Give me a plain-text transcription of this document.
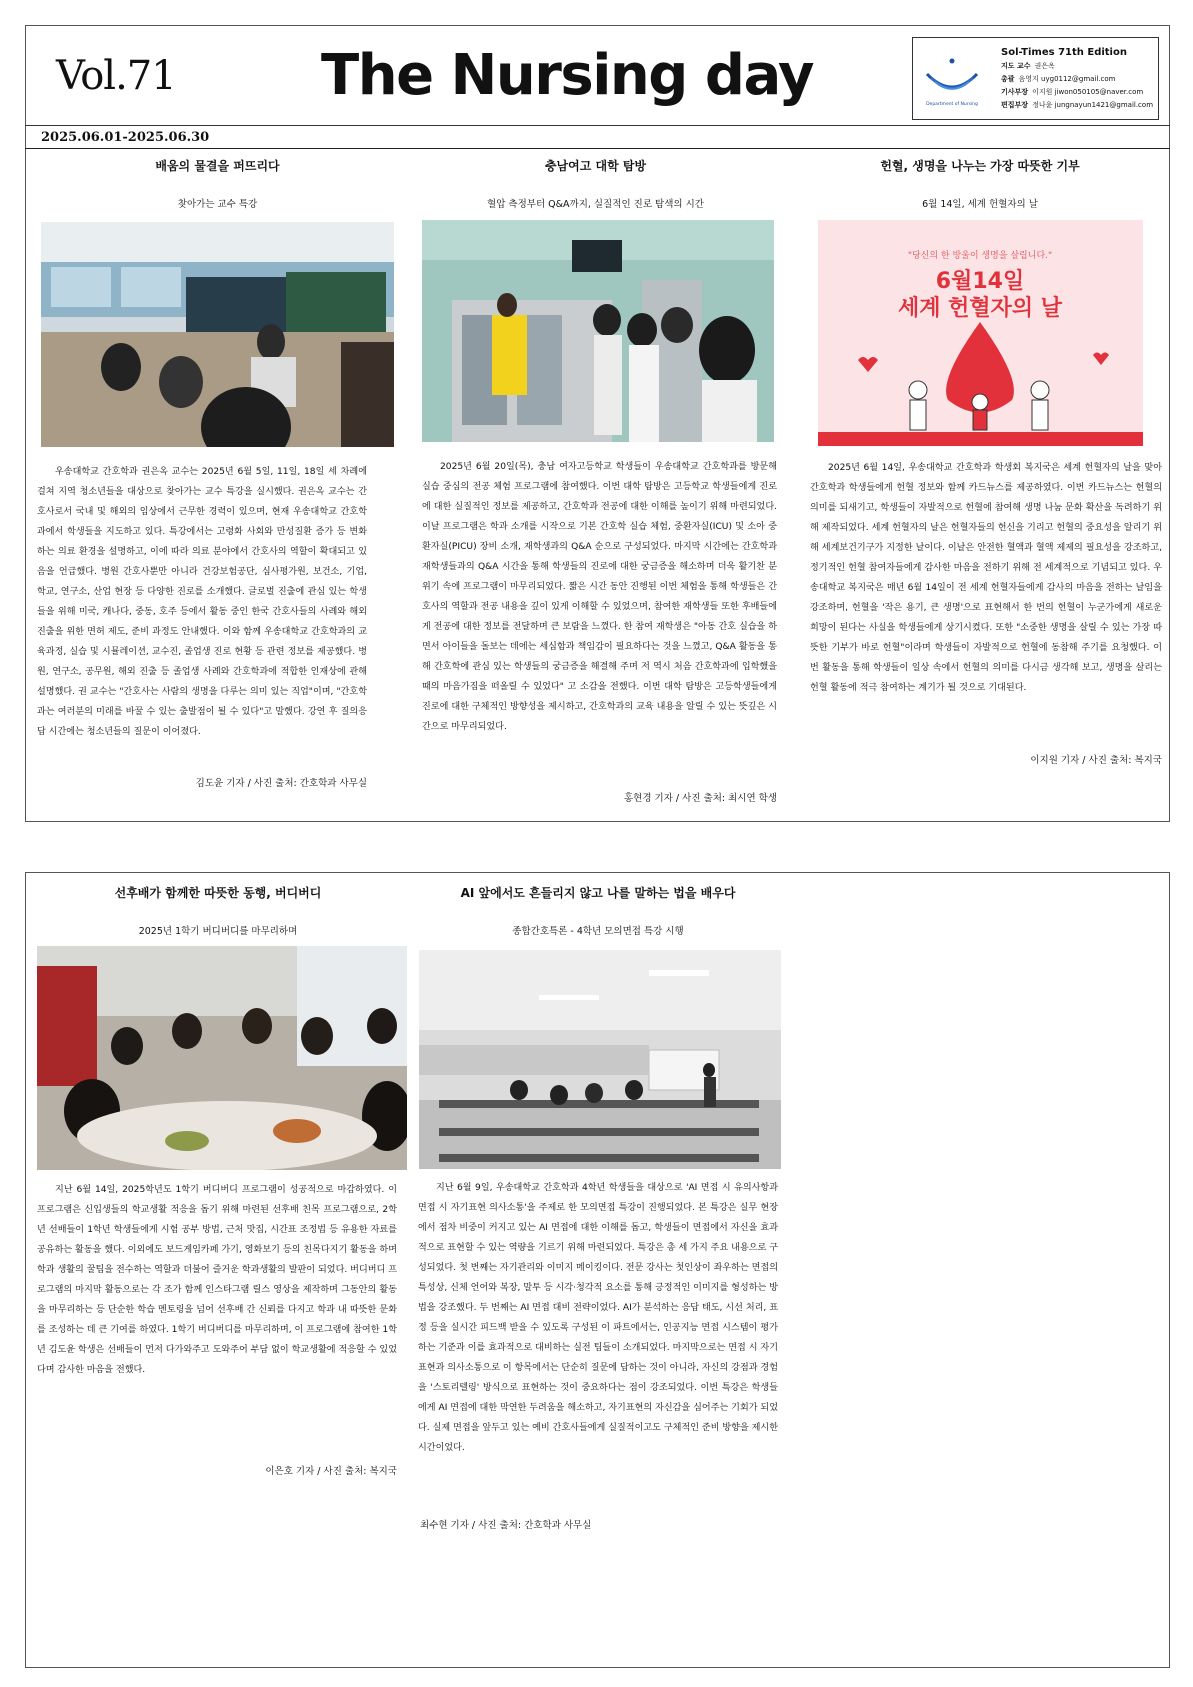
Vol.71	The Nursing day	Department of Nursing
Sol-Times 71th Edition
지도 교수 권은옥
총괄 음영지 uyg0112@gmail.com
기사부장 이지원 jiwon050105@naver.com
편집부장 정나윤 jungnayun1421@gmail.com
2025.06.01-2025.06.30
배움의 물결을 퍼뜨리다
찾아가는 교수 특강
우송대학교 간호학과 권은옥 교수는 2025년 6월 5일, 11일, 18일 세 차례에 걸쳐 지역 청소년들을 대상으로 찾아가는 교수 특강을 실시했다. 권은옥 교수는 간호사로서 국내 및 해외의 임상에서 근무한 경력이 있으며, 현재 우송대학교 간호학과에서 학생들을 지도하고 있다. 특강에서는 고령화 사회와 만성질환 증가 등 변화하는 의료 환경을 설명하고, 이에 따라 의료 분야에서 간호사의 역할이 확대되고 있음을 언급했다. 병원 간호사뿐만 아니라 건강보험공단, 심사평가원, 보건소, 기업, 학교, 연구소, 산업 현장 등 다양한 진로를 소개했다. 글로벌 진출에 관심 있는 학생들을 위해 미국, 캐나다, 중동, 호주 등에서 활동 중인 한국 간호사들의 사례와 해외 진출을 위한 면허 제도, 준비 과정도 안내했다. 이와 함께 우송대학교 간호학과의 교육과정, 실습 및 시뮬레이션, 교수진, 졸업생 진로 현황 등 관련 정보를 제공했다. 병원, 연구소, 공무원, 해외 진출 등 졸업생 사례와 간호학과에 적합한 인재상에 관해 설명했다. 권 교수는 "간호사는 사람의 생명을 다루는 의미 있는 직업"이며, "간호학과는 여러분의 미래를 바꿀 수 있는 출발점이 될 수 있다"고 말했다. 강연 후 질의응답 시간에는 청소년들의 질문이 이어졌다.
김도윤 기자 / 사진 출처: 간호학과 사무실
충남여고 대학 탐방
혈압 측정부터 Q&A까지, 실질적인 진로 탐색의 시간
2025년 6월 20일(목), 충남 여자고등학교 학생들이 우송대학교 간호학과를 방문해 실습 중심의 전공 체험 프로그램에 참여했다. 이번 대학 탐방은 고등학교 학생들에게 진로에 대한 실질적인 정보를 제공하고, 간호학과 전공에 대한 이해를 높이기 위해 마련되었다. 이날 프로그램은 학과 소개를 시작으로 기본 간호학 실습 체험, 중환자실(ICU) 및 소아 중환자실(PICU) 장비 소개, 재학생과의 Q&A 순으로 구성되었다. 마지막 시간에는 간호학과 재학생들과의 Q&A 시간을 통해 학생들의 진로에 대한 궁금증을 해소하며 더욱 활기찬 분위기 속에 프로그램이 마무리되었다. 짧은 시간 동안 진행된 이번 체험을 통해 학생들은 간호사의 역할과 전공 내용을 깊이 있게 이해할 수 있었으며, 참여한 재학생들 또한 후배들에게 전공에 대한 정보를 전달하며 큰 보람을 느꼈다. 한 참여 재학생은 "아동 간호 실습을 하면서 아이들을 돌보는 데에는 세심함과 책임감이 필요하다는 것을 느꼈고, Q&A 활동을 통해 간호학에 관심 있는 학생들의 궁금증을 해결해 주며 저 역시 처음 간호학과에 입학했을 때의 마음가짐을 떠올릴 수 있었다" 고 소감을 전했다. 이번 대학 탐방은 고등학생들에게 진로에 대한 구체적인 방향성을 제시하고, 간호학과의 교육 내용을 알릴 수 있는 뜻깊은 시간으로 마무리되었다.
홍현경 기자 / 사진 출처: 최시연 학생
헌혈, 생명을 나누는 가장 따뜻한 기부
6월 14일, 세계 헌혈자의 날
"당신의 한 방울이 생명을 살립니다."
6월14일
세계 헌혈자의 날
2025년 6월 14일, 우송대학교 간호학과 학생회 복지국은 세계 헌혈자의 날을 맞아 간호학과 학생들에게 헌혈 정보와 함께 카드뉴스를 제공하였다. 이번 카드뉴스는 헌혈의 의미를 되새기고, 학생들이 자발적으로 헌혈에 참여해 생명 나눔 문화 확산을 독려하기 위해 제작되었다. 세계 헌혈자의 날은 헌혈자들의 헌신을 기리고 헌혈의 중요성을 알리기 위해 세계보건기구가 지정한 날이다. 이날은 안전한 혈액과 혈액 제제의 필요성을 강조하고, 정기적인 헌혈 참여자들에게 감사한 마음을 전하기 위해 전 세계적으로 기념되고 있다. 우송대학교 복지국은 매년 6월 14일이 전 세계 헌혈자들에게 감사의 마음을 전하는 날임을 강조하며, 헌혈을 '작은 용기, 큰 생명'으로 표현해서 한 번의 헌혈이 누군가에게 새로운 희망이 된다는 사실을 학생들에게 상기시켰다. 또한 "소중한 생명을 살릴 수 있는 가장 따뜻한 기부가 바로 헌혈"이라며 학생들이 자발적으로 헌혈에 동참해 주기를 요청했다. 이번 활동을 통해 학생들이 일상 속에서 헌혈의 의미를 다시금 생각해 보고, 생명을 살리는 헌혈 활동에 적극 참여하는 계기가 될 것으로 기대된다.
이지원 기자 / 사진 출처: 복지국
선후배가 함께한 따뜻한 동행, 버디버디
2025년 1학기 버디버디를 마무리하며
지난 6월 14일, 2025학년도 1학기 버디버디 프로그램이 성공적으로 마감하였다. 이 프로그램은 신입생들의 학교생활 적응을 돕기 위해 마련된 선후배 친목 프로그램으로, 2학년 선배들이 1학년 학생들에게 시험 공부 방법, 근처 맛집, 시간표 조정법 등 유용한 자료를 공유하는 활동을 했다. 이외에도 보드게임카페 가기, 영화보기 등의 친목다지기 활동을 하며 학과 생활의 꿀팁을 전수하는 역할과 더불어 즐거운 학과생활의 발판이 되었다. 버디버디 프로그램의 마지막 활동으로는 각 조가 함께 인스타그램 릴스 영상을 제작하며 그동안의 활동을 마무리하는 등 단순한 학습 멘토링을 넘어 선후배 간 신뢰를 다지고 학과 내 따뜻한 문화를 조성하는 데 큰 기여를 하였다. 1학기 버디버디를 마무리하며, 이 프로그램에 참여한 1학년 김도윤 학생은 선배들이 먼저 다가와주고 도와주어 부담 없이 학교생활에 적응할 수 있었다며 감사한 마음을 전했다.
이은호 기자 / 사진 출처: 복지국
AI 앞에서도 흔들리지 않고 나를 말하는 법을 배우다
종합간호특론 - 4학년 모의면접 특강 시행
지난 6월 9일, 우송대학교 간호학과 4학년 학생들을 대상으로 'AI 면접 시 유의사항과 면접 시 자기표현 의사소통'을 주제로 한 모의면접 특강이 진행되었다. 본 특강은 실무 현장에서 점차 비중이 커지고 있는 AI 면접에 대한 이해를 돕고, 학생들이 면접에서 자신을 효과적으로 표현할 수 있는 역량을 기르기 위해 마련되었다. 특강은 총 세 가지 주요 내용으로 구성되었다. 첫 번째는 자기관리와 이미지 메이킹이다. 전문 강사는 첫인상이 좌우하는 면접의 특성상, 신체 언어와 복장, 말투 등 시각·청각적 요소를 통해 긍정적인 이미지를 형성하는 방법을 강조했다. 두 번째는 AI 면접 대비 전략이었다. AI가 분석하는 응답 태도, 시선 처리, 표정 등을 실시간 피드백 받을 수 있도록 구성된 이 파트에서는, 인공지능 면접 시스템이 평가하는 기준과 이를 효과적으로 대비하는 실전 팁들이 소개되었다. 마지막으로는 면접 시 자기표현과 의사소통으로 이 항목에서는 단순히 질문에 답하는 것이 아니라, 자신의 강점과 경험을 '스토리텔링' 방식으로 표현하는 것이 중요하다는 점이 강조되었다. 이번 특강은 학생들에게 AI 면접에 대한 막연한 두려움을 해소하고, 자기표현의 자신감을 심어주는 기회가 되었다. 실제 면접을 앞두고 있는 예비 간호사들에게 실질적이고도 구체적인 준비 방향을 제시한 시간이었다.
최수현 기자 / 사진 출처: 간호학과 사무실
